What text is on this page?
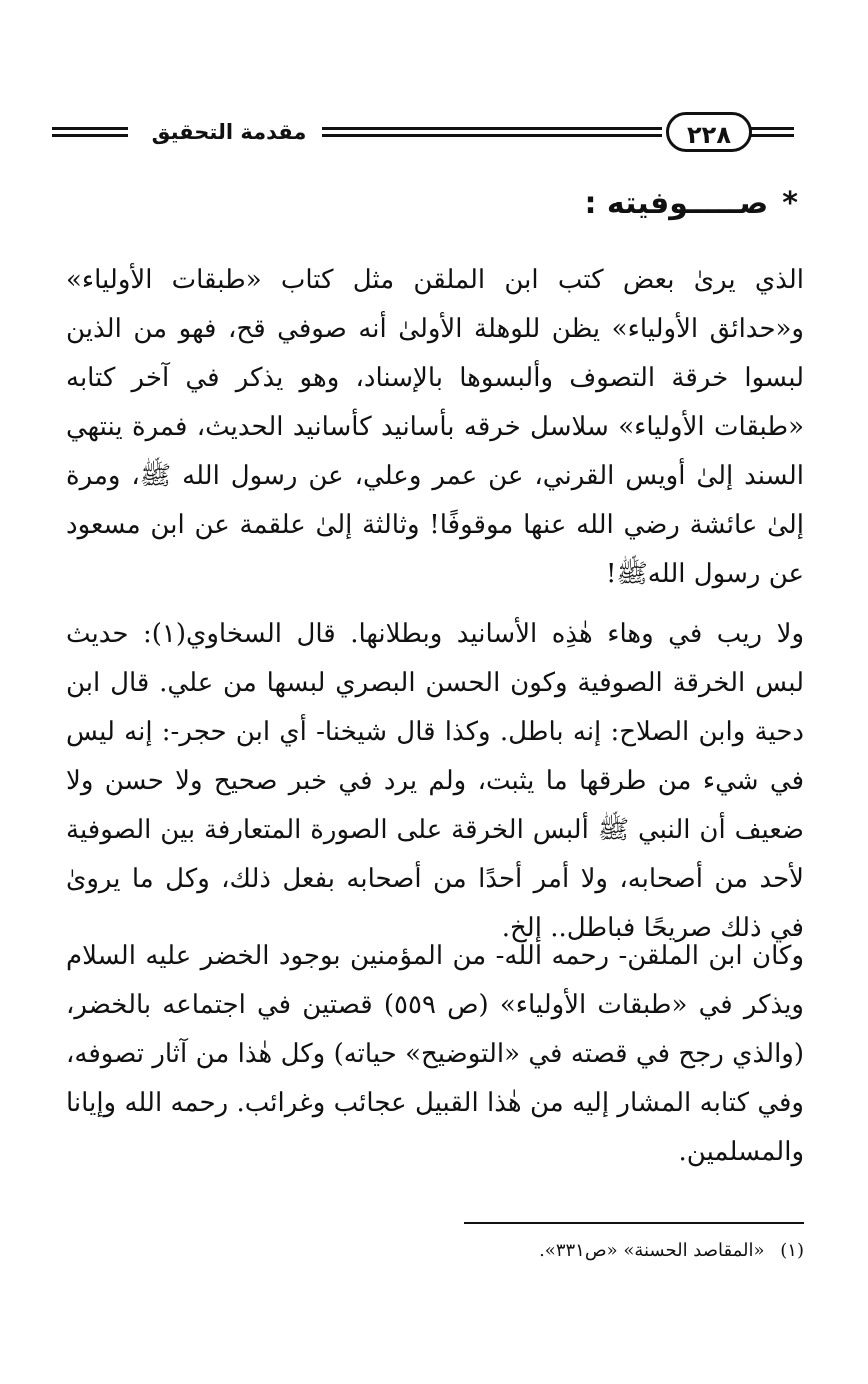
٢٢٨
مقدمة التحقيق
*
صـــــوفيته :

الذي يرىٰ بعض كتب ابن الملقن مثل كتاب «طبقات الأولياء» و«حدائق الأولياء» يظن للوهلة الأولىٰ أنه صوفي قح، فهو من الذين لبسوا خرقة التصوف وألبسوها بالإسناد، وهو يذكر في آخر كتابه «طبقات الأولياء» سلاسل خرقه بأسانيد كأسانيد الحديث، فمرة ينتهي السند إلىٰ أويس القرني، عن عمر وعلي، عن رسول الله ﷺ، ومرة إلىٰ عائشة رضي الله عنها موقوفًا! وثالثة إلىٰ علقمة عن ابن مسعود عن رسول اللهﷺ!

ولا ريب في وهاء هٰذِه الأسانيد وبطلانها. قال السخاوي(١): حديث لبس الخرقة الصوفية وكون الحسن البصري لبسها من علي. قال ابن دحية وابن الصلاح: إنه باطل. وكذا قال شيخنا- أي ابن حجر-: إنه ليس في شيء من طرقها ما يثبت، ولم يرد في خبر صحيح ولا حسن ولا ضعيف أن النبي ﷺ ألبس الخرقة على الصورة المتعارفة بين الصوفية لأحد من أصحابه، ولا أمر أحدًا من أصحابه بفعل ذلك، وكل ما يروىٰ في ذلك صريحًا فباطل.. إلخ.

وكان ابن الملقن- رحمه الله- من المؤمنين بوجود الخضر عليه السلام ويذكر في «طبقات الأولياء» (ص ٥٥٩) قصتين في اجتماعه بالخضر، (والذي رجح في قصته في «التوضيح» حياته) وكل هٰذا من آثار تصوفه، وفي كتابه المشار إليه من هٰذا القبيل عجائب وغرائب. رحمه الله وإيانا والمسلمين.

(١) «المقاصد الحسنة» «ص٣٣١».
